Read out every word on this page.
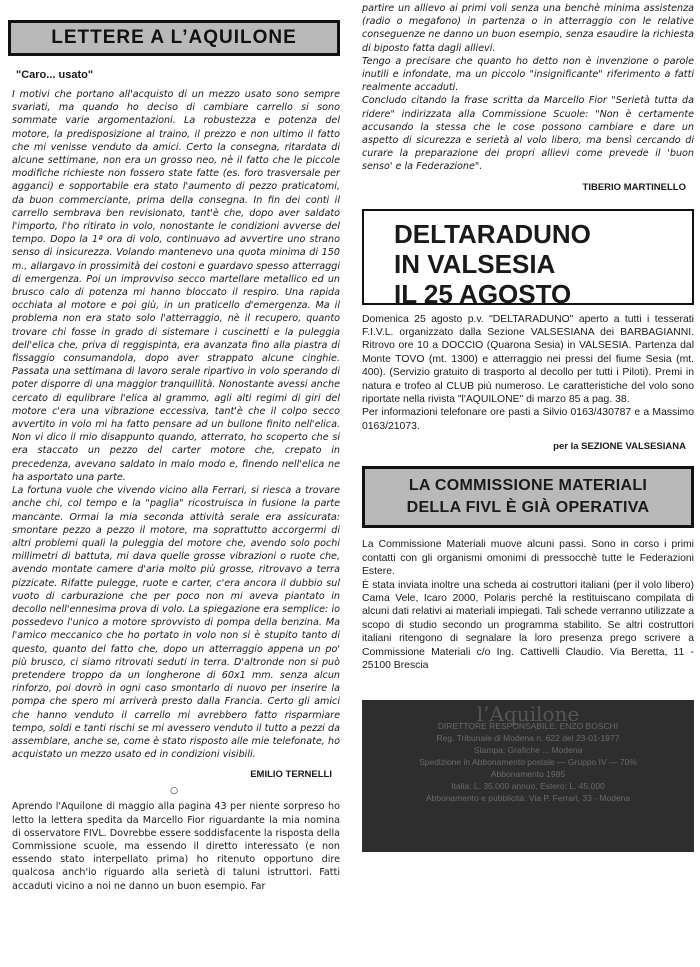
LETTERE A L’AQUILONE
"Caro... usato"

I motivi che portano all'acquisto di un mezzo usato sono sempre svariati, ma quando ho deciso di cambiare carrello si sono sommate varie argomentazioni. La robustezza e potenza del motore, la predisposizione al traino, il prezzo e non ultimo il fatto che mi venisse venduto da amici. Certo la consegna, ritardata di alcune settimane, non era un grosso neo, nè il fatto che le piccole modifiche richieste non fossero state fatte (es. foro trasversale per agganci) e sopportabile era stato l'aumento di pezzo praticatomi, da buon commerciante, prima della consegna. In fin dei conti il carrello sembrava ben revisionato, tant'è che, dopo aver saldato l'importo, l'ho ritirato in volo, nonostante le condizioni avverse del tempo. Dopo la 1ª ora di volo, continuavo ad avvertire uno strano senso di insicurezza. Volando mantenevo una quota minima di 150 m., allargavo in prossimità dei costoni e guardavo spesso atterraggi di emergenza. Poi un improvviso secco martellare metallico ed un brusco calo di potenza mi hanno bloccato il respiro. Una rapida occhiata al motore e poi giù, in un praticello d'emergenza. Ma il problema non era stato solo l'atterraggio, nè il recupero, quanto trovare chi fosse in grado di sistemare i cuscinetti e la puleggia dell'elica che, priva di reggispinta, era avanzata fino alla piastra di fissaggio consumandola, dopo aver strappato alcune cinghie. Passata una settimana di lavoro serale ripartivo in volo sperando di poter disporre di una maggior tranquillità. Nonostante avessi anche cercato di equlibrare l'elica al grammo, agli alti regimi di giri del motore c'era una vibrazione eccessiva, tant'è che il colpo secco avvertito in volo mi ha fatto pensare ad un bullone finito nell'elica. Non vi dico il mio disappunto quando, atterrato, ho scoperto che si era staccato un pezzo del carter motore che, crepato in precedenza, avevano saldato in malo modo e, finendo nell'elica ne ha asportato una parte.

La fortuna vuole che vivendo vicino alla Ferrari, si riesca a trovare anche chi, col tempo e la "paglia" ricostruisca in fusione la parte mancante. Ormai la mia seconda attività serale era assicurata: smontare pezzo a pezzo il motore, ma soprattutto accorgermi di altri problemi quali la puleggia del motore che, avendo solo pochi millimetri di battuta, mi dava quelle grosse vibrazioni o ruote che, avendo montate camere d'aria molto più grosse, ritrovavo a terra pizzicate. Rifatte pulegge, ruote e carter, c'era ancora il dubbio sul vuoto di carburazione che per poco non mi aveva piantato in decollo nell'ennesima prova di volo. La spiegazione era semplice: io possedevo l'unico a motore sprovvisto di pompa della benzina. Ma l'amico meccanico che ho portato in volo non si è stupito tanto di questo, quanto del fatto che, dopo un atterraggio appena un po' più brusco, ci siamo ritrovati seduti in terra. D'altronde non si può pretendere troppo da un longherone di 60x1 mm. senza alcun rinforzo, poi dovrò in ogni caso smontarlo di nuovo per inserire la pompa che spero mi arriverà presto dalla Francia. Certo gli amici che hanno venduto il carrello mi avrebbero fatto risparmiare tempo, soldi e tanti rischi se mi avessero venduto il tutto a pezzi da assemblare, anche se, come è stato risposto alle mie telefonate, ho acquistato un mezzo usato ed in condizioni visibili.

EMILIO TERNELLI
○

Aprendo l'Aquilone di maggio alla pagina 43 per niente sorpreso ho letto la lettera spedita da Marcello Fior riguardante la mia nomina di osservatore FIVL. Dovrebbe essere soddisfacente la risposta della Commissione scuole, ma essendo il diretto interessato (e non essendo stato interpellato prima) ho ritenuto opportuno dire qualcosa anch'io riguardo alla serietà di taluni istruttori. Fatti accaduti vicino a noi ne danno un buon esempio. Far

partire un allievo ai primi voli senza una benchè minima assistenza (radio o megafono) in partenza o in atterraggio con le relative conseguenze ne danno un buon esempio, senza esaudire la richiesta di biposto fatta dagli allievi.

Tengo a precisare che quanto ho detto non è invenzione o parole inutili e infondate, ma un piccolo "insignificante" riferimento a fatti realmente accaduti.

Concludo citando la frase scritta da Marcello Fior "Serietà tutta da ridere" indirizzata alla Commissione Scuole: "Non è certamente accusando la stessa che le cose possono cambiare e dare un aspetto di sicurezza e serietà al volo libero, ma bensì cercando di curare la preparazione dei propri allievi come prevede il 'buon senso' e la Federazione".

TIBERIO MARTINELLO
DELTARADUNO
IN VALSESIA
IL 25 AGOSTO

Domenica 25 agosto p.v. "DELTARADUNO" aperto a tutti i tesserati F.I.V.L. organizzato dalla Sezione VALSESIANA dei BARBAGIANNI. Ritrovo ore 10 a DOCCIO (Quarona Sesia) in VALSESIA. Partenza dal Monte TOVO (mt. 1300) e atterraggio nei pressi del fiume Sesia (mt. 400). (Servizio gratuito di trasporto al decollo per tutti i Piloti). Premi in natura e trofeo al CLUB più numeroso. Le caratteristiche del volo sono riportate nella rivista "l'AQUILONE" di marzo 85 a pag. 38.

Per informazioni telefonare ore pasti a Silvio 0163/430787 e a Massimo 0163/21073.

per la SEZIONE VALSESIANA
LA COMMISSIONE MATERIALI
DELLA FIVL È GIÀ OPERATIVA

La Commissione Materiali muove alcuni passi. Sono in corso i primi contatti con gli organismi omonimi di pressocchè tutte le Federazioni Estere.

È stata inviata inoltre una scheda ai costruttori italiani (per il volo libero) Cama Vele, Icaro 2000, Polaris perché la restituiscano compilata di alcuni dati relativi ai materiali impiegati. Tali schede verranno utilizzate a scopo di studio secondo un programma stabilito. Se altri costruttori italiani ritengono di segnalare la loro presenza prego scrivere a Commissione Materiali c/o Ing. Cattivelli Claudio. Via Beretta, 11 - 25100 Brescia

l’Aquilone
DIRETTORE RESPONSABILE: ENZO BOSCHI
Reg. Tribunale di Modena n. 622 del 23-01-1977
Stampa: Grafiche ... Modena
Spedizione in Abbonamento postale — Gruppo IV — 70%
Abbonamento 1985
Italia: L. 35.000 annuo, Estero: L. 45.000
Abbonamento e pubblicità: Via P. Ferrari, 33 - Modena
